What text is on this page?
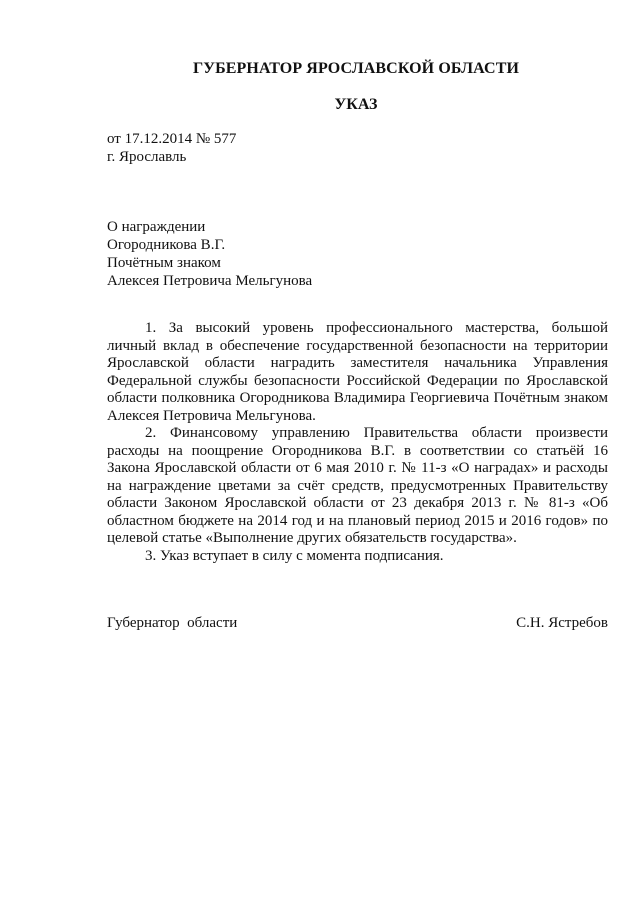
ГУБЕРНАТОР ЯРОСЛАВСКОЙ ОБЛАСТИ
УКАЗ
от 17.12.2014 № 577
г. Ярославль
О награждении
Огородникова В.Г.
Почётным знаком
Алексея Петровича Мельгунова

1. За высокий уровень профессионального мастерства, большой личный вклад в обеспечение государственной безопасности на территории Ярославской области наградить заместителя начальника Управления Федеральной службы безопасности Российской Федерации по Ярославской области полковника Огородникова Владимира Георгиевича Почётным знаком Алексея Петровича Мельгунова.

2. Финансовому управлению Правительства области произвести расходы на поощрение Огородникова В.Г. в соответствии со статьёй 16 Закона Ярославской области от 6 мая 2010 г. № 11-з «О наградах» и расходы на награждение цветами за счёт средств, предусмотренных Правительству области Законом Ярославской области от 23 декабря 2013 г. № 81-з «Об областном бюджете на 2014 год и на плановый период 2015 и 2016 годов» по целевой статье «Выполнение других обязательств государства».

3. Указ вступает в силу с момента подписания.

Губернатор  области	С.Н. Ястребов
